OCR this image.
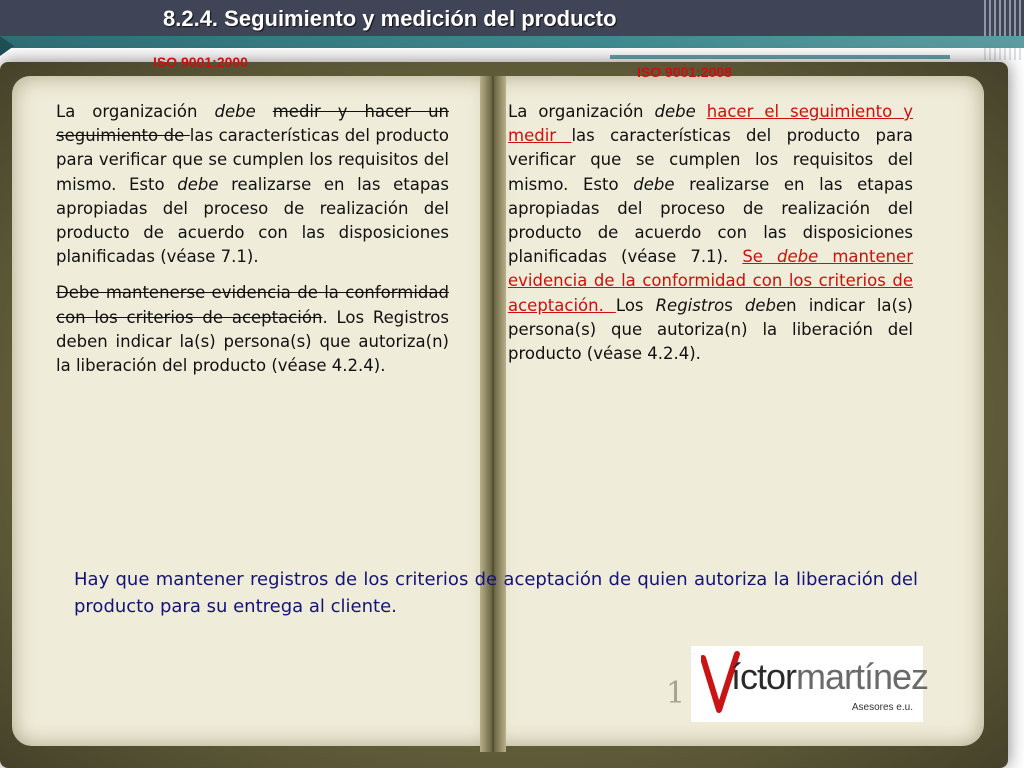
8.2.4. Seguimiento y medición del producto
ISO 9001:2000
ISO 9001:2008

La organización debe medir y hacer un seguimiento de las características del producto para verificar que se cumplen los requisitos del mismo. Esto debe realizarse en las etapas apropiadas del proceso de realización del producto de acuerdo con las disposiciones planificadas (véase 7.1).

Debe mantenerse evidencia de la conformidad con los criterios de aceptación. Los Registros deben indicar la(s) persona(s) que autoriza(n) la liberación del producto (véase 4.2.4).

La organización debe hacer el seguimiento y medir las características del producto para verificar que se cumplen los requisitos del mismo. Esto debe realizarse en las etapas apropiadas del proceso de realización del producto de acuerdo con las disposiciones planificadas (véase 7.1). Se debe mantener evidencia de la conformidad con los criterios de aceptación. Los Registros deben indicar la(s) persona(s) que autoriza(n) la liberación del producto (véase 4.2.4).

Hay que mantener registros de los criterios de aceptación de quien autoriza la liberación del producto para su entrega al cliente.
1 íctormartínez
Asesores e.u.
